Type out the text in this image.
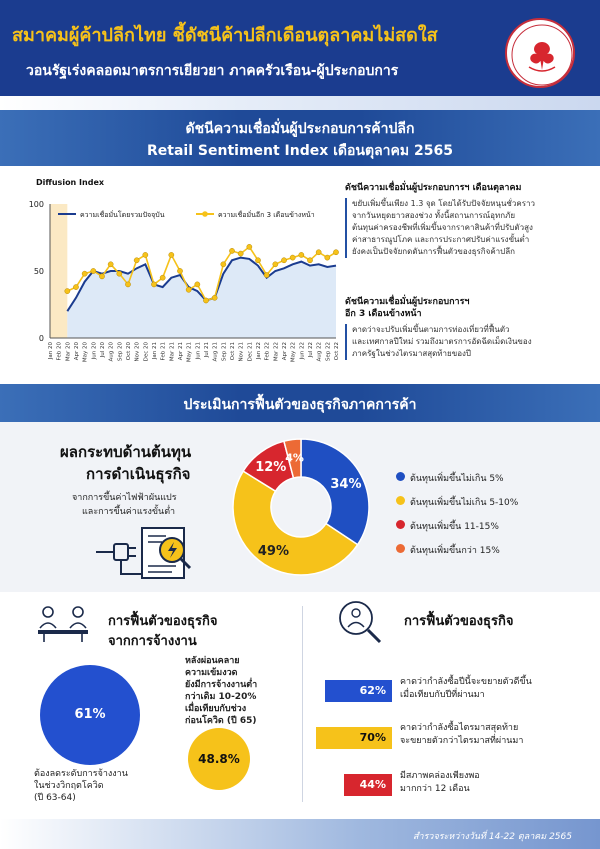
สมาคมผู้ค้าปลีกไทย ชี้ดัชนีค้าปลีกเดือนตุลาคมไม่สดใส
วอนรัฐเร่งคลอดมาตรการเยียวยา ภาคครัวเรือน-ผู้ประกอบการ
ดัชนีความเชื่อมั่นผู้ประกอบการค้าปลีก
Retail Sentiment Index เดือนตุลาคม 2565
Diffusion Index
0
50
100
Jan 20 Feb 20 Mar 20 Apr 20 May 20 Jun 20 Jul 20 Aug 20 Sep 20 Oct 20 Nov 20 Dec 20 Jan 21 Feb 21 Mar 21 Apr 21 May 21 Jun 21 Jul 21 Aug 21 Sep 21 Oct 21 Nov 21 Dec 21 Jan 22 Feb 22 Mar 22 Apr 22 May 22 Jun 22 Jul 22 Aug 22 Sep 22 Oct 22
ความเชื่อมั่นโดยรวมปัจจุบัน	ความเชื่อมั่นอีก 3 เดือนข้างหน้า
ดัชนีความเชื่อมั่นผู้ประกอบการฯ เดือนตุลาคม
ขยับเพิ่มขึ้นเพียง 1.3 จุด โดยได้รับปัจจัยหนุนชั่วคราว
จากวันหยุดยาวสองช่วง ทั้งนี้สถานการณ์อุทกภัย
ต้นทุนค่าครองชีพที่เพิ่มขึ้นจากราคาสินค้าที่ปรับตัวสูง
ค่าสาธารณูปโภค และการประกาศปรับค่าแรงขั้นต่ำ
ยังคงเป็นปัจจัยกดดันการฟื้นตัวของธุรกิจค้าปลีก
ดัชนีความเชื่อมั่นผู้ประกอบการฯ
อีก 3 เดือนข้างหน้า
คาดว่าจะปรับเพิ่มขึ้นตามการท่องเที่ยวที่ฟื้นตัว
และเทศกาลปีใหม่ รวมถึงมาตรการอัดฉีดเม็ดเงินของ
ภาครัฐในช่วงไตรมาสสุดท้ายของปี
ประเมินการฟื้นตัวของธุรกิจภาคการค้า
ผลกระทบด้านต้นทุน
การดำเนินธุรกิจ
จากการขึ้นค่าไฟฟ้าผันแปร
และการขึ้นค่าแรงขั้นต่ำ
34%
49%
12%
4%
ต้นทุนเพิ่มขึ้นไม่เกิน 5%
ต้นทุนเพิ่มขึ้นไม่เกิน 5-10%
ต้นทุนเพิ่มขึ้น 11-15%
ต้นทุนเพิ่มขึ้นกว่า 15%
การฟื้นตัวของธุรกิจ
จากการจ้างงาน
61%
ต้องลดระดับการจ้างงาน
ในช่วงวิกฤตโควิด
(ปี 63-64)
หลังผ่อนคลาย
ความเข้มงวด
ยังมีการจ้างงานต่ำ
กว่าเดิม 10-20%
เมื่อเทียบกับช่วง
ก่อนโควิด (ปี 65)
48.8%
การฟื้นตัวของธุรกิจ
62%
คาดว่ากำลังซื้อปีนี้จะขยายตัวดีขึ้น
เมื่อเทียบกับปีที่ผ่านมา
70%
คาดว่ากำลังซื้อไตรมาสสุดท้าย
จะขยายตัวกว่าไตรมาสที่ผ่านมา
44%
มีสภาพคล่องเพียงพอ
มากกว่า 12 เดือน
สำรวจระหว่างวันที่ 14-22 ตุลาคม 2565
